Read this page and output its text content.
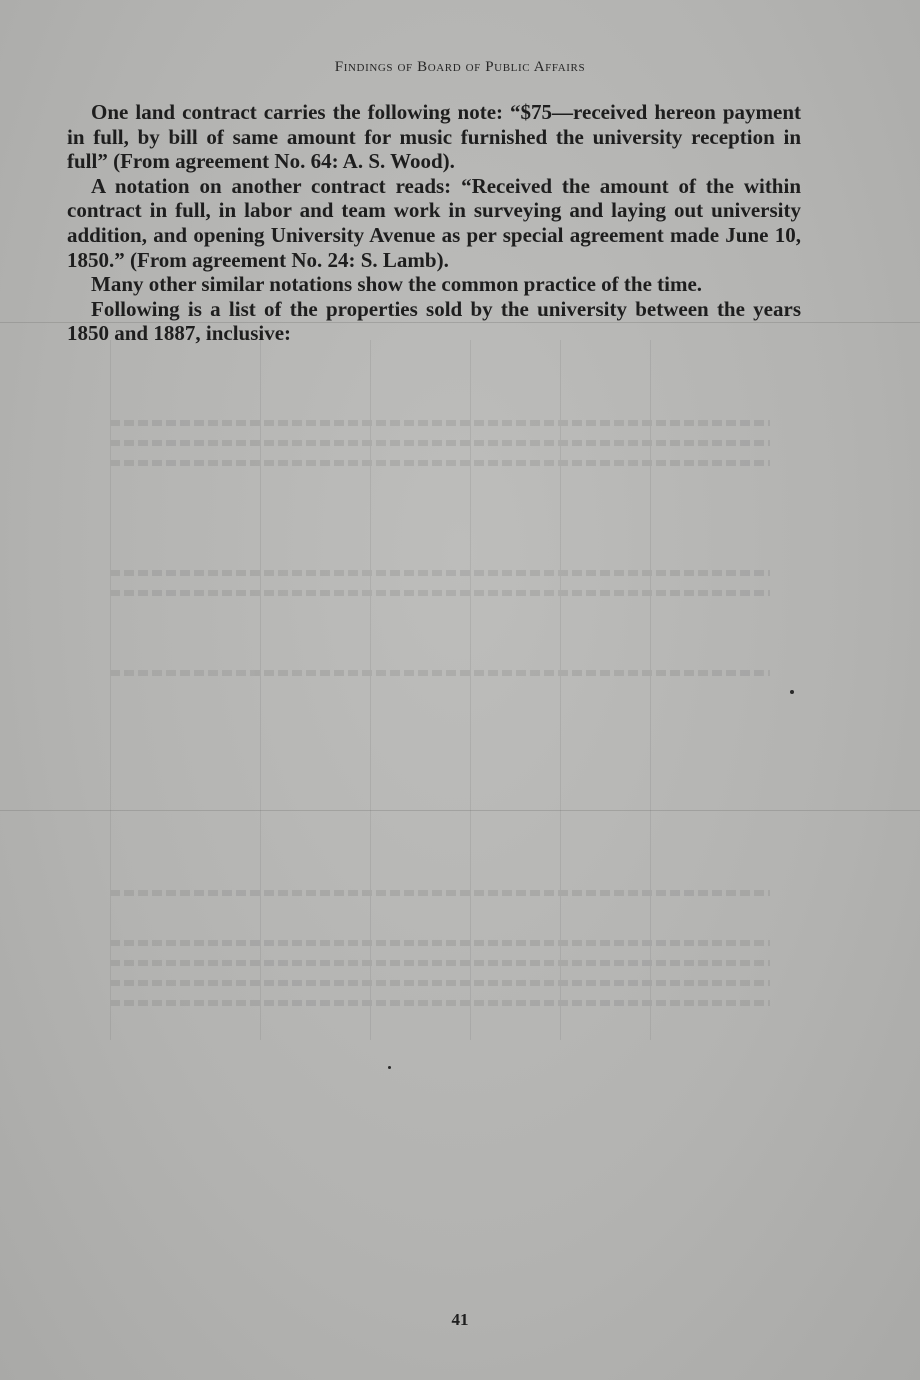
Findings of Board of Public Affairs

One land contract carries the following note: “$75—received hereon payment in full, by bill of same amount for music furnished the university reception in full” (From agreement No. 64: A. S. Wood).

A notation on another contract reads: “Received the amount of the within contract in full, in labor and team work in surveying and laying out university addition, and opening University Avenue as per special agreement made June 10, 1850.” (From agreement No. 24: S. Lamb).

Many other similar notations show the common practice of the time.

Following is a list of the properties sold by the university between the years 1850 and 1887, inclusive:

41
